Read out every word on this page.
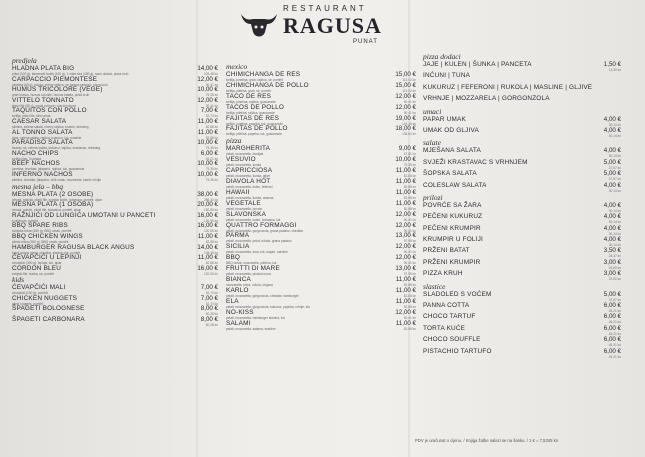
RESTAURANT
RAGUSA
PUNAT
predjela
HLADNA PLATA BIG
pršut (100 g), kamenski butelj (100 g), 1 vrste sira (180 g), razni dodaci, pizza kruh
14,00 €
105,48 kn
CARPACCIO PIEMONTESE
junetina (60 g), rukola, cherry rajčica, sir (grana padano), pizza kruh
12,00 €
90,41 kn
HUMUS TRICOLORE (VEGE)
grah humus, humus od cikle, humus batata, pizza kruh
10,00 €
75,35 kn
VITTELO TONNATO
teleći file (80 g), umak od tune i slanih inćuna
12,00 €
90,41 kn
TAQUITOS CON POLLO
tortilja, pileći file, tikvi umak
7,00 €
52,74 kn
CAESAR SALATA
piletina, zelena salata, cherry rajčica, krutoni, dressing
11,00 €
82,88 kn
AL TONNO SALATA
tuna, zelena salata, rajčica, kukuruz, luk, masline
11,00 €
82,88 kn
PARADISO SALATA
škamp, sir, zelena salata, kukuruz, rajčica, krastavac, dressing
10,00 €
75,35 kn
NACHO CHIPS
tortilja čips, 3 umaka
6,00 €
45,21 kn
BEEF NACHOS
junetina, cheddar, jalapeno, rajčica, luk, guacamole
10,00 €
75,35 kn
INFERNO NACHOS
piletina, cheddar, jalapeno, chili umak, mozzarela, kiselo vrhnje
10,00 €
75,35 kn
mesna jela – bbq
MESNA PLATA (2 OSOBE)
ćevapi, ražnjići, pileći file, svinjski kotlet, kobasica, pomfrit, ajvar
38,00 €
286,31 kn
MESNA PLATA (1 OSOBA)
ćevapi, ražnjić, pileći file, kobasica, pomfrit, ajvar
20,00 €
150,69 kn
RAŽNJIĆI OD LUNGIĆA UMOTANI U PANCETI
s rajčicom, pomfrit
16,00 €
120,55 kn
BBQ SPARE RIBS
svinjska rebra (450 g), BBQ umak, pomfrit
16,00 €
120,55 kn
BBQ CHICKEN WINGS
pileća krilca (300 g), BBQ umak, pomfrit
11,00 €
82,88 kn
HAMBURGER RAGUSA BLACK ANGUS
black angus meso, cheddar, slanina, luk, pomfrit
14,00 €
105,48 kn
ĆEVAPČIĆI U LEPINJI
ćevapčići (300 g), lepinja, luk, ajvar
11,00 €
82,88 kn
CORDON BLEU
svinjski file, šunka, sir, pomfrit
16,00 €
120,55 kn
kids
ĆEVAPČIĆI MALI
ćevapčići (150 g), pomfrit
7,00 €
52,74 kn
CHICKEN NUGGETS
pileći nuggets, pomfrit
7,00 €
52,74 kn
ŠPAGETI BOLOGNESE	8,00 €
60,28 kn
ŠPAGETI CARBONARA	8,00 €
60,28 kn
mexico
CHIMICHANGA DE RES
tortilja, junetina, grah, rajčica, sir, pomfrit
15,00 €
113,02 kn
CHIMICHANGA DE POLLO
tortilja, piletina, grah, sir, pomfrit
15,00 €
113,02 kn
TACO DE RES
tortilja, junetina, rajčica, guacamole
12,00 €
90,41 kn
TACOS DE POLLO
tortilja, piletina, rajčica, guacamole
12,00 €
90,41 kn
FAJITAS DE RES
tortilja, junetina, paprika, luk, guacamole
19,00 €
143,16 kn
FAJITAS DE POLLO
tortilja, piletina, paprika, luk, guacamole
18,00 €
135,62 kn
pizza
MARGHERITA
pelati, mozzarella, bosiljak
9,00 €
67,81 kn
VESUVIO
pelati, mozzarella, šunka
10,00 €
75,35 kn
CAPRICCIOSA
pelati, mozzarella, šunka, gljive
11,00 €
82,88 kn
DIAVOLA HOT
pelati, mozzarella, kulen, feferoni
11,00 €
82,88 kn
HAWAII
pelati, mozzarella, šunka, ananas
11,00 €
82,88 kn
VEGETALE
pelati, mozzarella, povrće
11,00 €
82,88 kn
SLAVONSKA
pelati, mozzarella, kulen, kobasica, luk
12,00 €
90,41 kn
QUATTRO FORMAGGI
pelati, mozzarella, gorgonzola, grana padano, cheddar
12,00 €
90,41 kn
PARMA
pelati, mozzarella, pršut, rukola, grana padano
13,00 €
97,95 kn
SICILIA
pelati, mozzarella, tuna, luk, kapari, masline
12,00 €
90,41 kn
BBQ
BBQ umak, mozzarella, piletina, luk
12,00 €
90,41 kn
FRUTTI DI MARE
pelati, mozzarella, plodovi mora
13,00 €
97,95 kn
BIANCA
mozzarella, pršut, rukola, origano
11,00 €
82,88 kn
KARLO
pelati, mozzarella, gorgonzola, cheddar, hamburger
11,00 €
82,88 kn
ELA
pelati, mozzarella, gorgonzola, kukuruz, paprika, vrhnje, luk
11,00 €
82,88 kn
NO-KISS
pelati, mozzarella, hamburger slanina, luk
12,00 €
90,41 kn
SALAMI
pelati, mozzarella, salama, masline
11,00 €
82,88 kn
pizza dodaci
JAJE | KULEN | ŠUNKA | PANCETA	1,50 €
11,30 kn
INĆUNI | TUNA
KUKURUZ | FEFERONI | RUKOLA | MASLINE | GLJIVE
VRHNJE | MOZZARELA | GORGONZOLA
umaci
PAPAR UMAK	4,00 €
30,14 kn
UMAK OD GLJIVA	4,00 €
30,14 kn
salate
MJEŠANA SALATA	4,00 €
30,14 kn
SVJEŽI KRASTAVAC S VRHNJEM	5,00 €
37,67 kn
ŠOPSKA SALATA	5,00 €
37,67 kn
COLESLAW SALATA	4,00 €
30,14 kn
prilozi
POVRĆE SA ŽARA	4,00 €
30,14 kn
PEČENI KUKURUZ	4,00 €
30,14 kn
PEČENI KRUMPIR	4,00 €
30,14 kn
KRUMPIR U FOLIJI	4,00 €
30,14 kn
PRŽENI BATAT	3,50 €
26,37 kn
PRŽENI KRUMPIR	3,00 €
22,60 kn
PIZZA KRUH	3,00 €
22,60 kn
slastice
SLADOLED S VOĆEM	5,00 €
37,67 kn
PANNA COTTA	6,00 €
45,21 kn
CHOCO TARTUF	6,00 €
45,21 kn
TORTA KUĆE	6,00 €
45,21 kn
CHOCO SOUFFLE	6,00 €
45,21 kn
PISTACHIO TARTUFO	6,00 €
45,21 kn
PDV je uračunat u cijenu. / Knjiga žalbe nalazi se na šanku. / 1 € = 7,5345 kn
